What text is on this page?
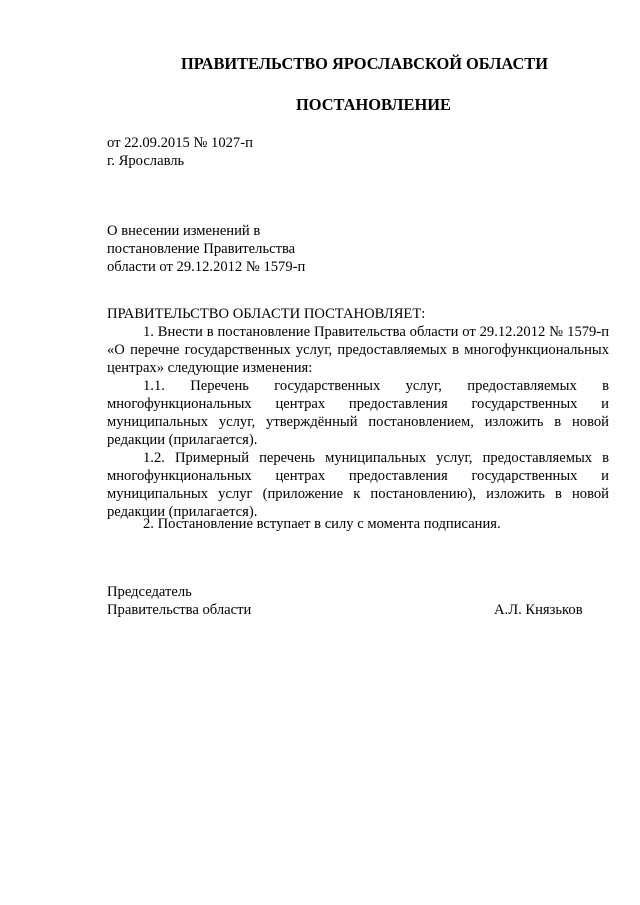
ПРАВИТЕЛЬСТВО ЯРОСЛАВСКОЙ ОБЛАСТИ
ПОСТАНОВЛЕНИЕ
от 22.09.2015 № 1027-п
г. Ярославль
О внесении изменений в
постановление Правительства
области от 29.12.2012 № 1579-п
ПРАВИТЕЛЬСТВО ОБЛАСТИ ПОСТАНОВЛЯЕТ:
1. Внести в постановление Правительства области от 29.12.2012 № 1579-п «О перечне государственных услуг, предоставляемых в многофункциональных центрах» следующие изменения:
1.1. Перечень государственных услуг, предоставляемых в многофункциональных центрах предоставления государственных и муниципальных услуг, утверждённый постановлением, изложить в новой редакции (прилагается).
1.2. Примерный перечень муниципальных услуг, предоставляемых в многофункциональных центрах предоставления государственных и муниципальных услуг (приложение к постановлению), изложить в новой редакции (прилагается).
2. Постановление вступает в силу с момента подписания.
Председатель
Правительства области	А.Л. Князьков
